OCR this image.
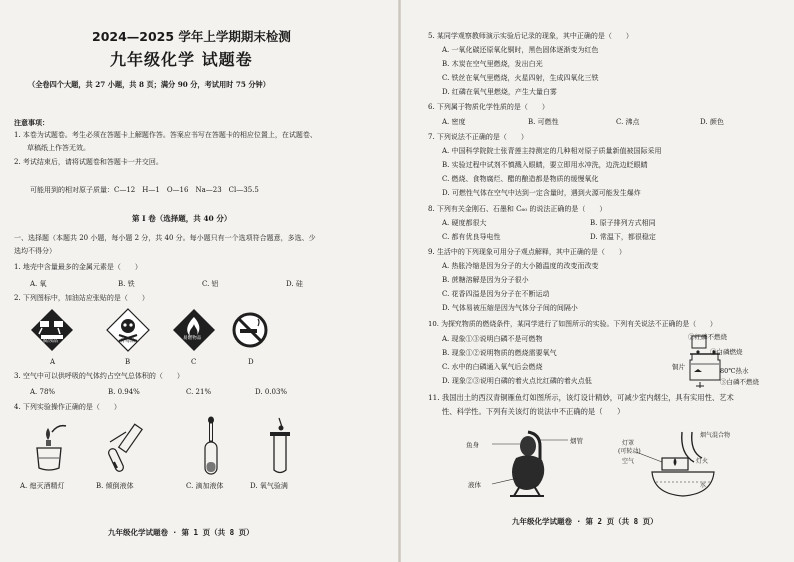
2024—2025 学年上学期期末检测
九年级化学 试题卷
（全卷四个大题，共 27 小题，共 8 页；满分 90 分，考试用时 75 分钟）
注意事项：
1. 本卷为试题卷。考生必须在答题卡上解题作答。答案应书写在答题卡的相应位置上，在试题卷、
草稿纸上作答无效。
2. 考试结束后，请将试题卷和答题卡一并交回。
可能用到的相对原子质量：C—12　H—1　O—16　Na—23　Cl—35.5
第 Ⅰ 卷（选择题，共 40 分）
一、选择题（本题共 20 小题，每小题 2 分，共 40 分。每小题只有一个选项符合题意，多选、少
选均不得分）
1. 地壳中含量最多的金属元素是（　　）
A. 氧	B. 铁	C. 铝	D. 硅
2. 下列图标中，加油站应张贴的是（　　）
腐蚀品	有毒品	易燃物品
A	B	C	D
3. 空气中可以供呼吸的气体约占空气总体积的（　　）
A. 78%	B. 0.94%	C. 21%	D. 0.03%
4. 下列实验操作正确的是（　　）
A. 熄灭酒精灯	B. 倾倒液体	C. 滴加液体	D. 氧气验满
九年级化学试题卷 · 第 1 页（共 8 页）
5. 某同学观察教师演示实验后记录的现象，其中正确的是（　　）
A. 一氧化碳还原氧化铜时，黑色固体逐渐变为红色
B. 木炭在空气里燃烧，发出白光
C. 铁丝在氧气里燃烧，火星四射，生成四氧化三铁
D. 红磷在氧气里燃烧，产生大量白雾
6. 下列属于物质化学性质的是（　　）
A. 密度	B. 可燃性	C. 沸点	D. 颜色
7. 下列说法不正确的是（　　）
A. 中国科学院院士张青莲主持测定的几种相对原子质量新值被国际采用
B. 实验过程中试剂不慎溅入眼睛，要立即用水冲洗，边洗边眨眼睛
C. 燃烧、食物腐烂、醋的酿造都是物质的缓慢氧化
D. 可燃性气体在空气中达到一定含量时，遇到火源可能发生爆炸
8. 下列有关金刚石、石墨和 C₆₀ 的说法正确的是（　　）
A. 硬度都很大	B. 原子排列方式相同
C. 都有优良导电性	D. 常温下，都很稳定
9. 生活中的下列现象可用分子观点解释，其中正确的是（　　）
A. 热胀冷缩是因为分子的大小随温度的改变而改变
B. 蔗糖溶解是因为分子很小
C. 花香四溢是因为分子在不断运动
D. 气体易被压缩是因为气体分子间的间隔小
10. 为探究物质的燃烧条件，某同学进行了如图所示的实验。下列有关说法不正确的是（　　）
A. 现象①③说明白磷不是可燃物
B. 现象①②说明物质的燃烧需要氧气
C. 水中的白磷通入氧气后会燃烧
D. 现象②③说明白磷的着火点比红磷的着火点低
②红磷不燃烧
①白磷燃烧
铜片	80℃热水
③白磷不燃烧
11. 我国出土的西汉青铜雁鱼灯如图所示，该灯设计精妙，可减少室内烟尘，具有实用性、艺术
性、科学性。下列有关该灯的说法中不正确的是（　　）
鱼身	烟管
液体
灯罩
(可转动)
空气
烟气混合物
灯火
水
九年级化学试题卷 · 第 2 页（共 8 页）
